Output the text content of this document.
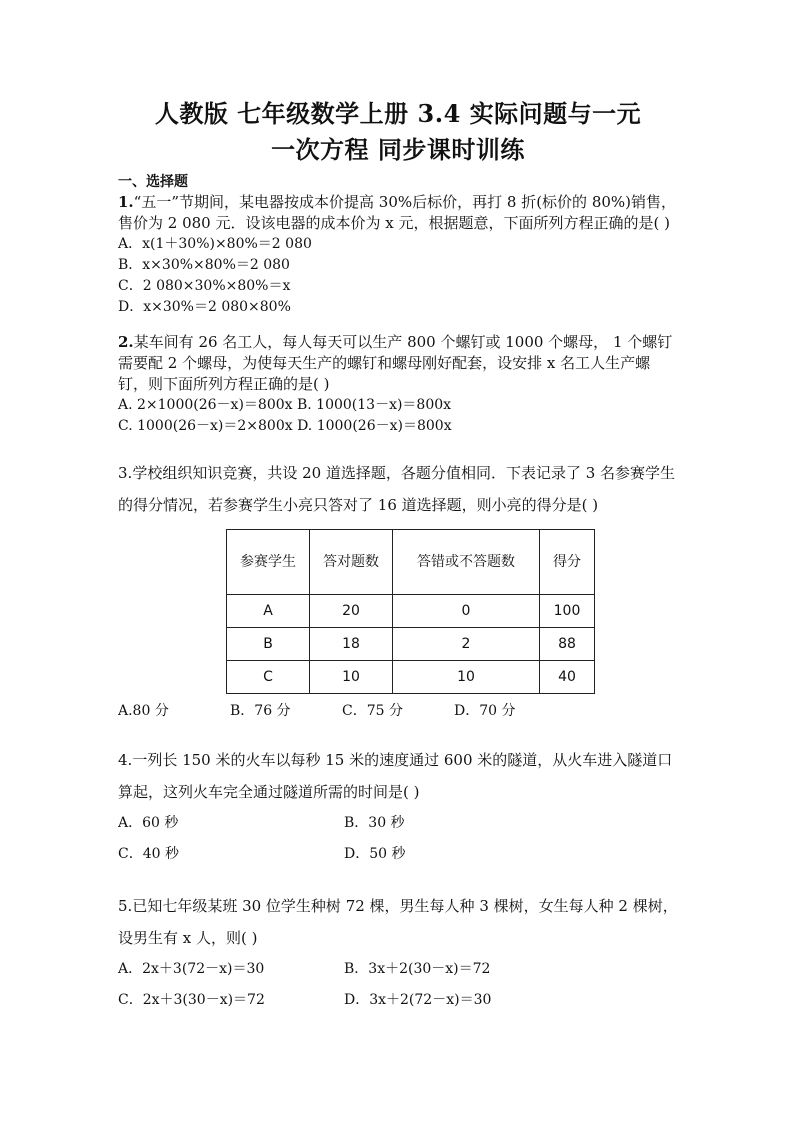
人教版 七年级数学上册 3.4 实际问题与一元
一次方程 同步课时训练
一、选择题
1.“五一”节期间，某电器按成本价提高 30%后标价，再打 8 折(标价的 80%)销售，售价为 2 080 元．设该电器的成本价为 x 元，根据题意，下面所列方程正确的是( )
A．x(1＋30%)×80%＝2 080
B．x×30%×80%＝2 080
C．2 080×30%×80%＝x
D．x×30%＝2 080×80%
2.某车间有 26 名工人，每人每天可以生产 800 个螺钉或 1000 个螺母， 1 个螺钉需要配 2 个螺母，为使每天生产的螺钉和螺母刚好配套，设安排 x 名工人生产螺钉，则下面所列方程正确的是( )
A. 2×1000(26－x)＝800x B. 1000(13－x)＝800x
C. 1000(26－x)＝2×800x D. 1000(26－x)＝800x
3.学校组织知识竞赛，共设 20 道选择题，各题分值相同．下表记录了 3 名参赛学生的得分情况，若参赛学生小亮只答对了 16 道选择题，则小亮的得分是( )
参赛学生	答对题数	答错或不答题数	得分
A	20	0	100
B	18	2	88
C	10	10	40
A.80 分	B．76 分	C．75 分	D．70 分
4.一列长 150 米的火车以每秒 15 米的速度通过 600 米的隧道，从火车进入隧道口算起，这列火车完全通过隧道所需的时间是( )
A．60 秒	B．30 秒
C．40 秒	D．50 秒
5.已知七年级某班 30 位学生种树 72 棵，男生每人种 3 棵树，女生每人种 2 棵树，设男生有 x 人，则( )
A．2x＋3(72－x)＝30	B．3x＋2(30－x)＝72
C．2x＋3(30－x)＝72	D．3x＋2(72－x)＝30
